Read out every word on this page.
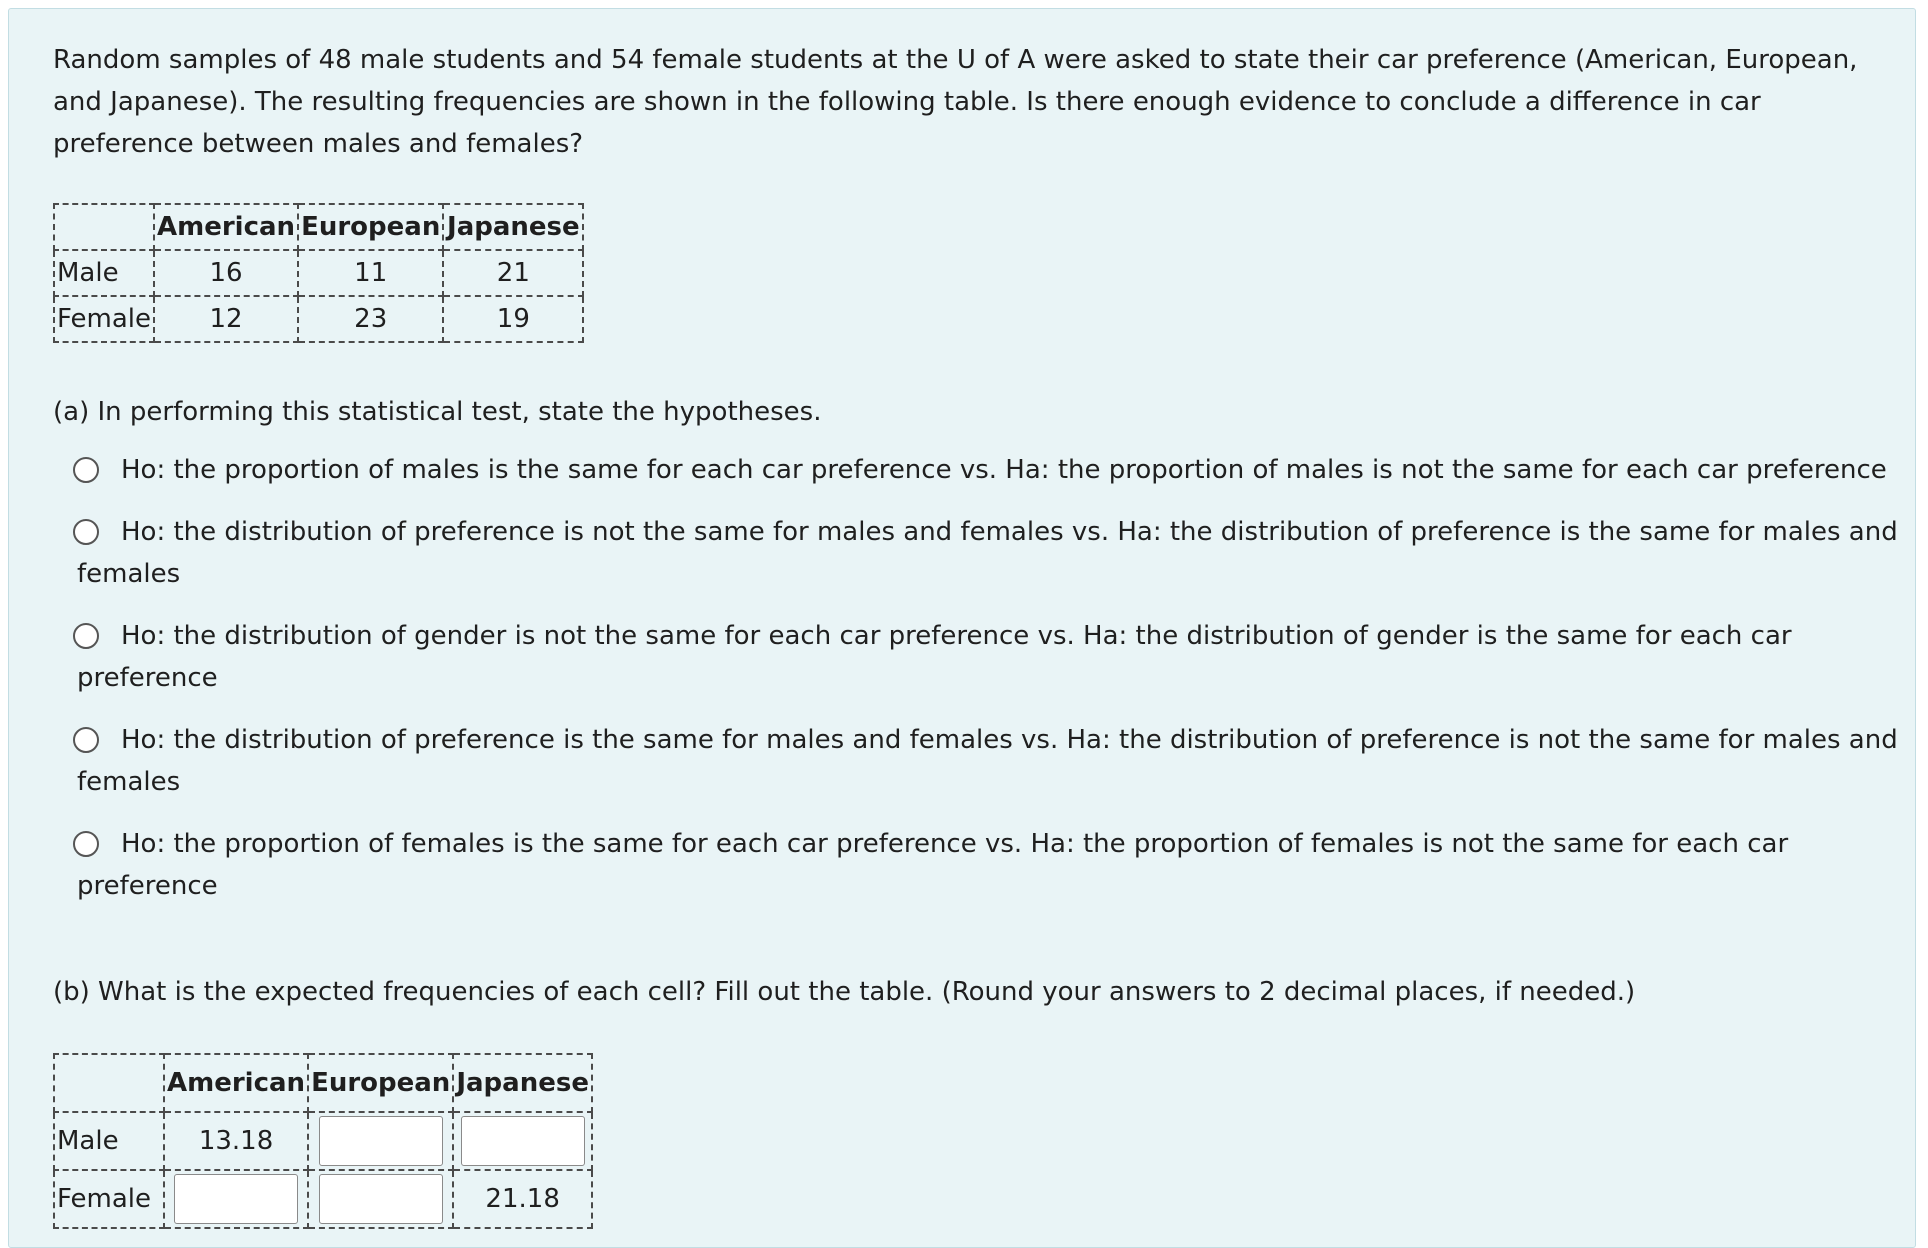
Random samples of 48 male students and 54 female students at the U of A were asked to state their car preference (American, European, and Japanese). The resulting frequencies are shown in the following table. Is there enough evidence to conclude a difference in car preference between males and females?

	American	European	Japanese
Male	16	11	21
Female	12	23	19

(a) In performing this statistical test, state the hypotheses.

Ho: the proportion of males is the same for each car preference vs. Ha: the proportion of males is not the same for each car preference
Ho: the distribution of preference is not the same for males and females vs. Ha: the distribution of preference is the same for males and females
Ho: the distribution of gender is not the same for each car preference vs. Ha: the distribution of gender is the same for each car preference
Ho: the distribution of preference is the same for males and females vs. Ha: the distribution of preference is not the same for males and females
Ho: the proportion of females is the same for each car preference vs. Ha: the proportion of females is not the same for each car preference

(b) What is the expected frequencies of each cell? Fill out the table. (Round your answers to 2 decimal places, if needed.)

	American	European	Japanese
Male	13.18		
Female			21.18
